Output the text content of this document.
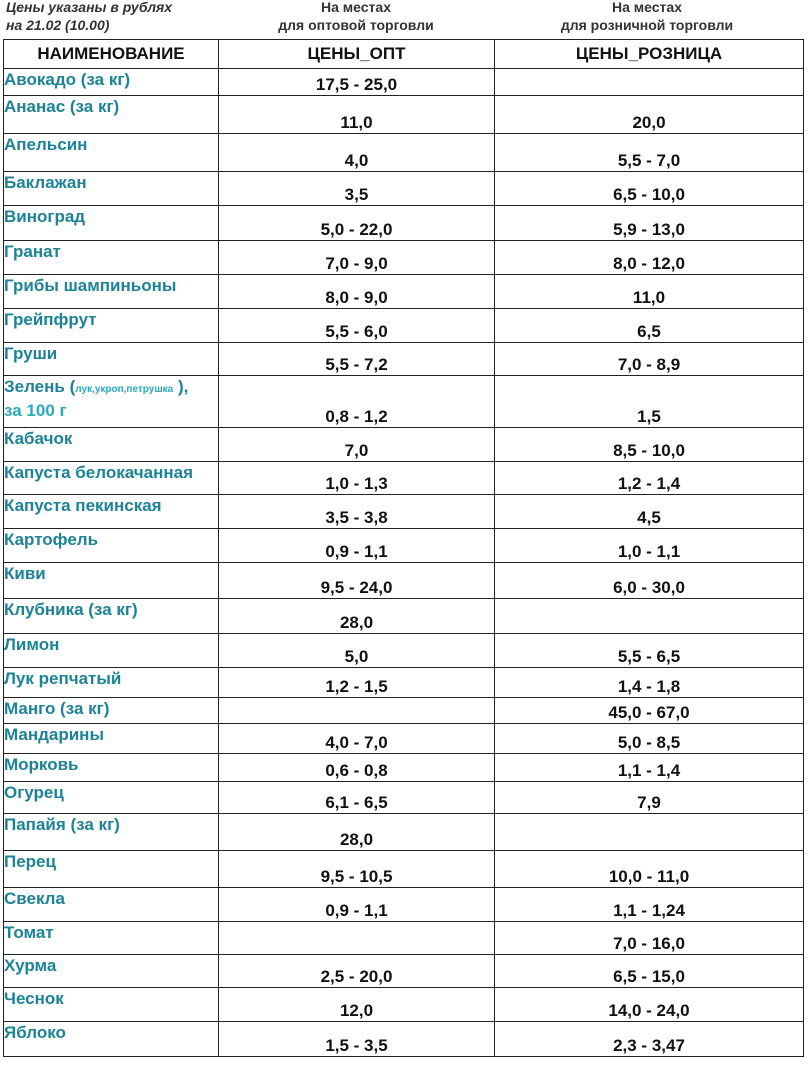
Цены указаны в рублях
на 21.02 (10.00)
На местах
для оптовой торговли
На местах
для розничной торговли
НАИМЕНОВАНИЕ	ЦЕНЫ_ОПТ	ЦЕНЫ_РОЗНИЦА
Авокадо (за кг)	17,5 - 25,0	
Ананас (за кг)	11,0	20,0
Апельсин	4,0	5,5 - 7,0
Баклажан	3,5	6,5 - 10,0
Виноград	5,0 - 22,0	5,9 - 13,0
Гранат	7,0 - 9,0	8,0 - 12,0
Грибы шампиньоны	8,0 - 9,0	11,0
Грейпфрут	5,5 - 6,0	6,5
Груши	5,5 - 7,2	7,0 - 8,9

Зелень (лук,укроп,петрушка ),
за 100 г	0,8 - 1,2	1,5
Кабачок	7,0	8,5 - 10,0
Капуста белокачанная	1,0 - 1,3	1,2 - 1,4
Капуста пекинская	3,5 - 3,8	4,5
Картофель	0,9 - 1,1	1,0 - 1,1
Киви	9,5 - 24,0	6,0 - 30,0
Клубника (за кг)	28,0	
Лимон	5,0	5,5 - 6,5
Лук репчатый	1,2 - 1,5	1,4 - 1,8
Манго (за кг)		45,0 - 67,0
Мандарины	4,0 - 7,0	5,0 - 8,5
Морковь	0,6 - 0,8	1,1 - 1,4
Огурец	6,1 - 6,5	7,9
Папайя (за кг)	28,0	
Перец	9,5 - 10,5	10,0 - 11,0
Свекла	0,9 - 1,1	1,1 - 1,24
Томат		7,0 - 16,0
Хурма	2,5 - 20,0	6,5 - 15,0
Чеснок	12,0	14,0 - 24,0
Яблоко	1,5 - 3,5	2,3 - 3,47
